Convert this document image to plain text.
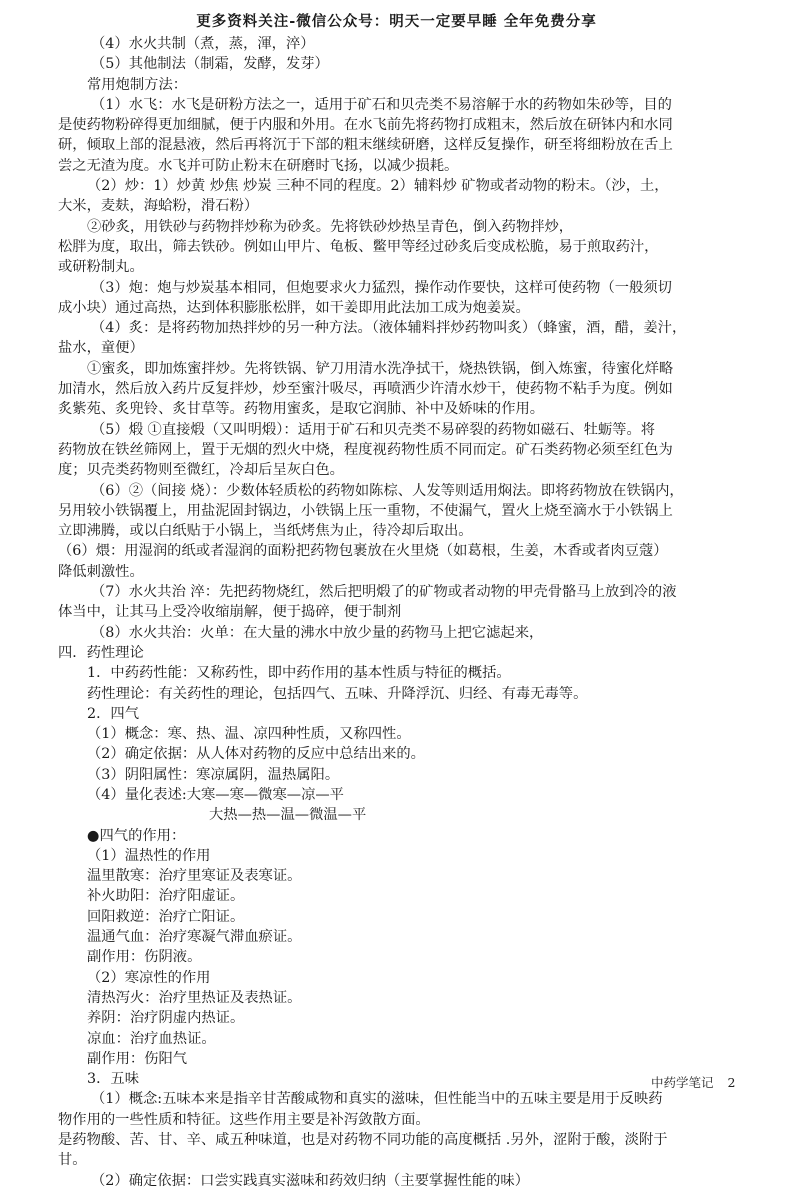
更多资料关注-微信公众号：明天一定要早睡 全年免费分享
（4）水火共制（煮，蒸，渾，淬）
（5）其他制法（制霜，发酵，发芽）
常用炮制方法：
（1）水飞：水飞是研粉方法之一，适用于矿石和贝壳类不易溶解于水的药物如朱砂等，目的
是使药物粉碎得更加细腻，便于内服和外用。在水飞前先将药物打成粗末，然后放在研钵内和水同
研，倾取上部的混悬液，然后再将沉于下部的粗末继续研磨，这样反复操作，研至将细粉放在舌上
尝之无渣为度。水飞并可防止粉末在研磨时飞扬，以减少损耗。
（2）炒：1）炒黄 炒焦 炒炭 三种不同的程度。2）辅料炒 矿物或者动物的粉末。（沙，土，
大米，麦麸，海蛤粉，滑石粉）
②砂炙，用铁砂与药物拌炒称为砂炙。先将铁砂炒热呈青色，倒入药物拌炒，
松胖为度，取出，筛去铁砂。例如山甲片、龟板、鳖甲等经过砂炙后变成松脆，易于煎取药汁，
或研粉制丸。
（3）炮：炮与炒炭基本相同，但炮要求火力猛烈，操作动作要快，这样可使药物（一般须切
成小块）通过高热，达到体积膨胀松胖，如干姜即用此法加工成为炮姜炭。
（4）炙：是将药物加热拌炒的另一种方法。（液体辅料拌炒药物叫炙）（蜂蜜，酒，醋，姜汁，
盐水，童便）
①蜜炙，即加炼蜜拌炒。先将铁锅、铲刀用清水洗净拭干，烧热铁锅，倒入炼蜜，待蜜化烊略
加清水，然后放入药片反复拌炒，炒至蜜汁吸尽，再喷洒少许清水炒干，使药物不粘手为度。例如
炙紫苑、炙兜铃、炙甘草等。药物用蜜炙，是取它润肺、补中及娇味的作用。
（5）煅 ①直接煅（又叫明煅）：适用于矿石和贝壳类不易碎裂的药物如磁石、牡蛎等。将
药物放在铁丝筛网上，置于无烟的烈火中烧，程度视药物性质不同而定。矿石类药物必须至红色为
度；贝壳类药物则至微红，冷却后呈灰白色。
（6）②（间接 烧）：少数体轻质松的药物如陈棕、人发等则适用焖法。即将药物放在铁锅内，
另用较小铁锅覆上，用盐泥固封锅边，小铁锅上压一重物，不使漏气，置火上烧至滴水于小铁锅上
立即沸腾，或以白纸贴于小锅上，当纸烤焦为止，待冷却后取出。
（6）煨：用湿润的纸或者湿润的面粉把药物包裹放在火里烧（如葛根，生姜，木香或者肉豆蔻）
降低刺激性。
（7）水火共治 淬：先把药物烧红，然后把明煅了的矿物或者动物的甲壳骨骼马上放到冷的液
体当中，让其马上受冷收缩崩解，便于捣碎，便于制剂
（8）水火共治：火单：在大量的沸水中放少量的药物马上把它滤起来，
四．药性理论
1．中药药性能：又称药性，即中药作用的基本性质与特征的概括。
药性理论：有关药性的理论，包括四气、五味、升降浮沉、归经、有毒无毒等。
2．四气
（1）概念：寒、热、温、凉四种性质，又称四性。
（2）确定依据：从人体对药物的反应中总结出来的。
（3）阴阳属性：寒凉属阴，温热属阳。
（4）量化表述:大寒—寒—微寒—凉—平
大热—热—温—微温—平
●四气的作用：
（1）温热性的作用
温里散寒：治疗里寒证及表寒证。
补火助阳：治疗阳虚证。
回阳救逆：治疗亡阳证。
温通气血：治疗寒凝气滞血瘀证。
副作用：伤阴液。
（2）寒凉性的作用
清热泻火：治疗里热证及表热证。
养阴：治疗阴虚内热证。
凉血：治疗血热证。
副作用：伤阳气
3．五味
（1）概念:五味本来是指辛甘苦酸咸物和真实的滋味，但性能当中的五味主要是用于反映药
物作用的一些性质和特征。这些作用主要是补泻敛散方面。
是药物酸、苦、甘、辛、咸五种味道，也是对药物不同功能的高度概括 .另外，涩附于酸，淡附于
甘。
（2）确定依据：口尝实践真实滋味和药效归纳（主要掌握性能的味）
中药学笔记 2
